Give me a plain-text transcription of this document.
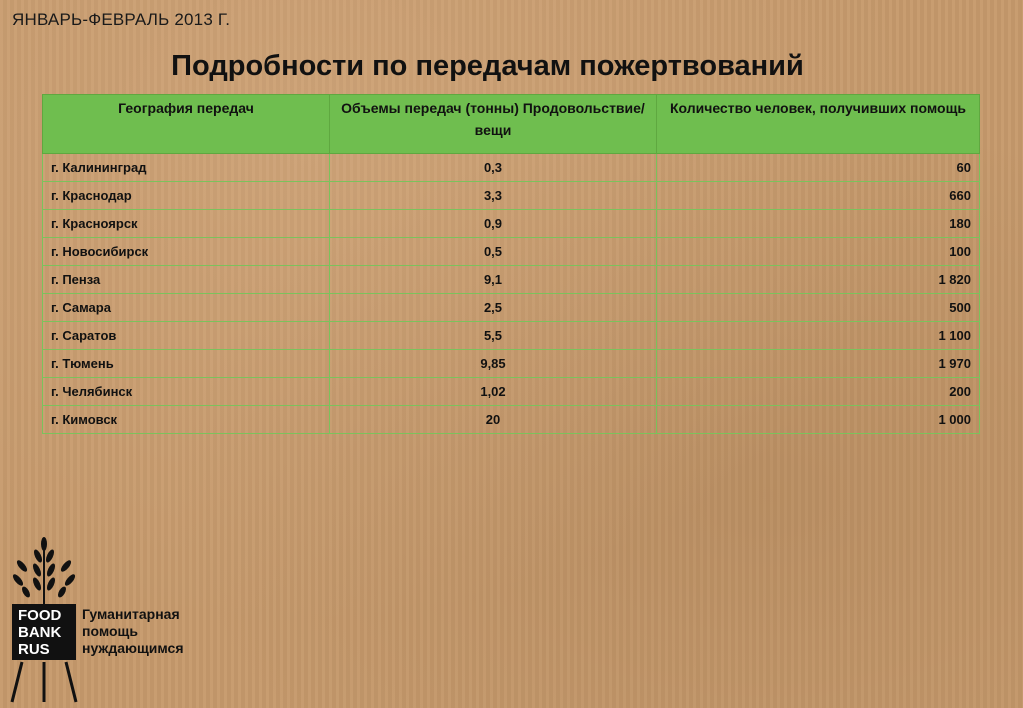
ЯНВАРЬ-ФЕВРАЛЬ 2013 Г.
Подробности по передачам пожертвований
География передач	Объемы передач (тонны) Продовольствие/вещи	Количество человек, получивших помощь
г. Калининград	0,3	60
г. Краснодар	3,3	660
г. Красноярск	0,9	180
г. Новосибирск	0,5	100
г. Пенза	9,1	1 820
г. Самара	2,5	500
г. Саратов	5,5	1 100
г. Тюмень	9,85	1 970
г. Челябинск	1,02	200
г. Кимовск	20	1 000
FOOD
BANK
RUS
Гуманитарная
помощь
нуждающимся
